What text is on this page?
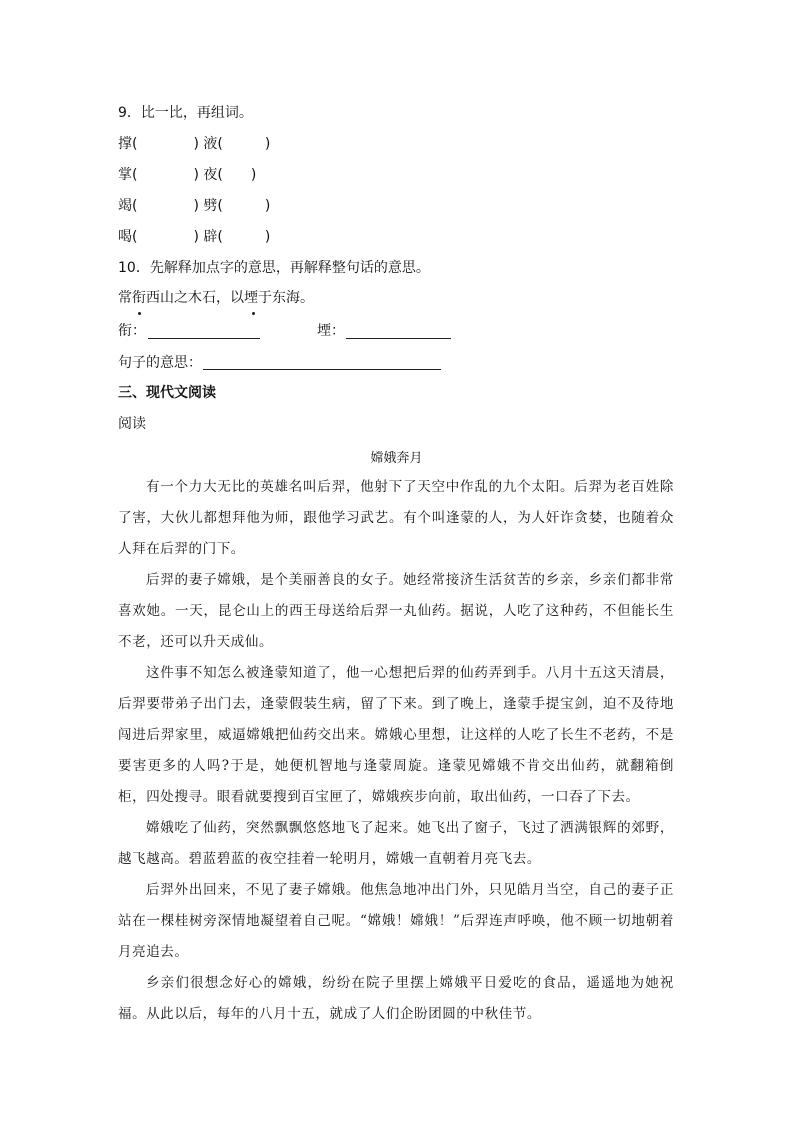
9．比一比，再组词。
撑(　　　　) 液(　　　)
掌(　　　　) 夜(　　)
竭(　　　　) 劈(　　　)
喝(　　　　) 辟(　　　)
10．先解释加点字的意思，再解释整句话的意思。
常衔西山之木石，以堙于东海。
衔：	堙：
句子的意思：
三、现代文阅读
阅读
嫦娥奔月
有一个力大无比的英雄名叫后羿，他射下了天空中作乱的九个太阳。后羿为老百姓除了害，大伙儿都想拜他为师，跟他学习武艺。有个叫逢蒙的人，为人奸诈贪婪，也随着众人拜在后羿的门下。
后羿的妻子嫦娥，是个美丽善良的女子。她经常接济生活贫苦的乡亲，乡亲们都非常喜欢她。一天，昆仑山上的西王母送给后羿一丸仙药。据说，人吃了这种药，不但能长生不老，还可以升天成仙。
这件事不知怎么被逢蒙知道了，他一心想把后羿的仙药弄到手。八月十五这天清晨，后羿要带弟子出门去，逢蒙假装生病，留了下来。到了晚上，逢蒙手提宝剑，迫不及待地闯进后羿家里，威逼嫦娥把仙药交出来。嫦娥心里想，让这样的人吃了长生不老药，不是要害更多的人吗?于是，她便机智地与逢蒙周旋。逢蒙见嫦娥不肯交出仙药，就翻箱倒柜，四处搜寻。眼看就要搜到百宝匣了，嫦娥疾步向前，取出仙药，一口吞了下去。
嫦娥吃了仙药，突然飘飘悠悠地飞了起来。她飞出了窗子，飞过了洒满银辉的郊野，越飞越高。碧蓝碧蓝的夜空挂着一轮明月，嫦娥一直朝着月亮飞去。
后羿外出回来，不见了妻子嫦娥。他焦急地冲出门外，只见皓月当空，自己的妻子正站在一棵桂树旁深情地凝望着自己呢。“嫦娥！嫦娥！”后羿连声呼唤，他不顾一切地朝着月亮追去。
乡亲们很想念好心的嫦娥，纷纷在院子里摆上嫦娥平日爱吃的食品，遥遥地为她祝福。从此以后，每年的八月十五，就成了人们企盼团圆的中秋佳节。
